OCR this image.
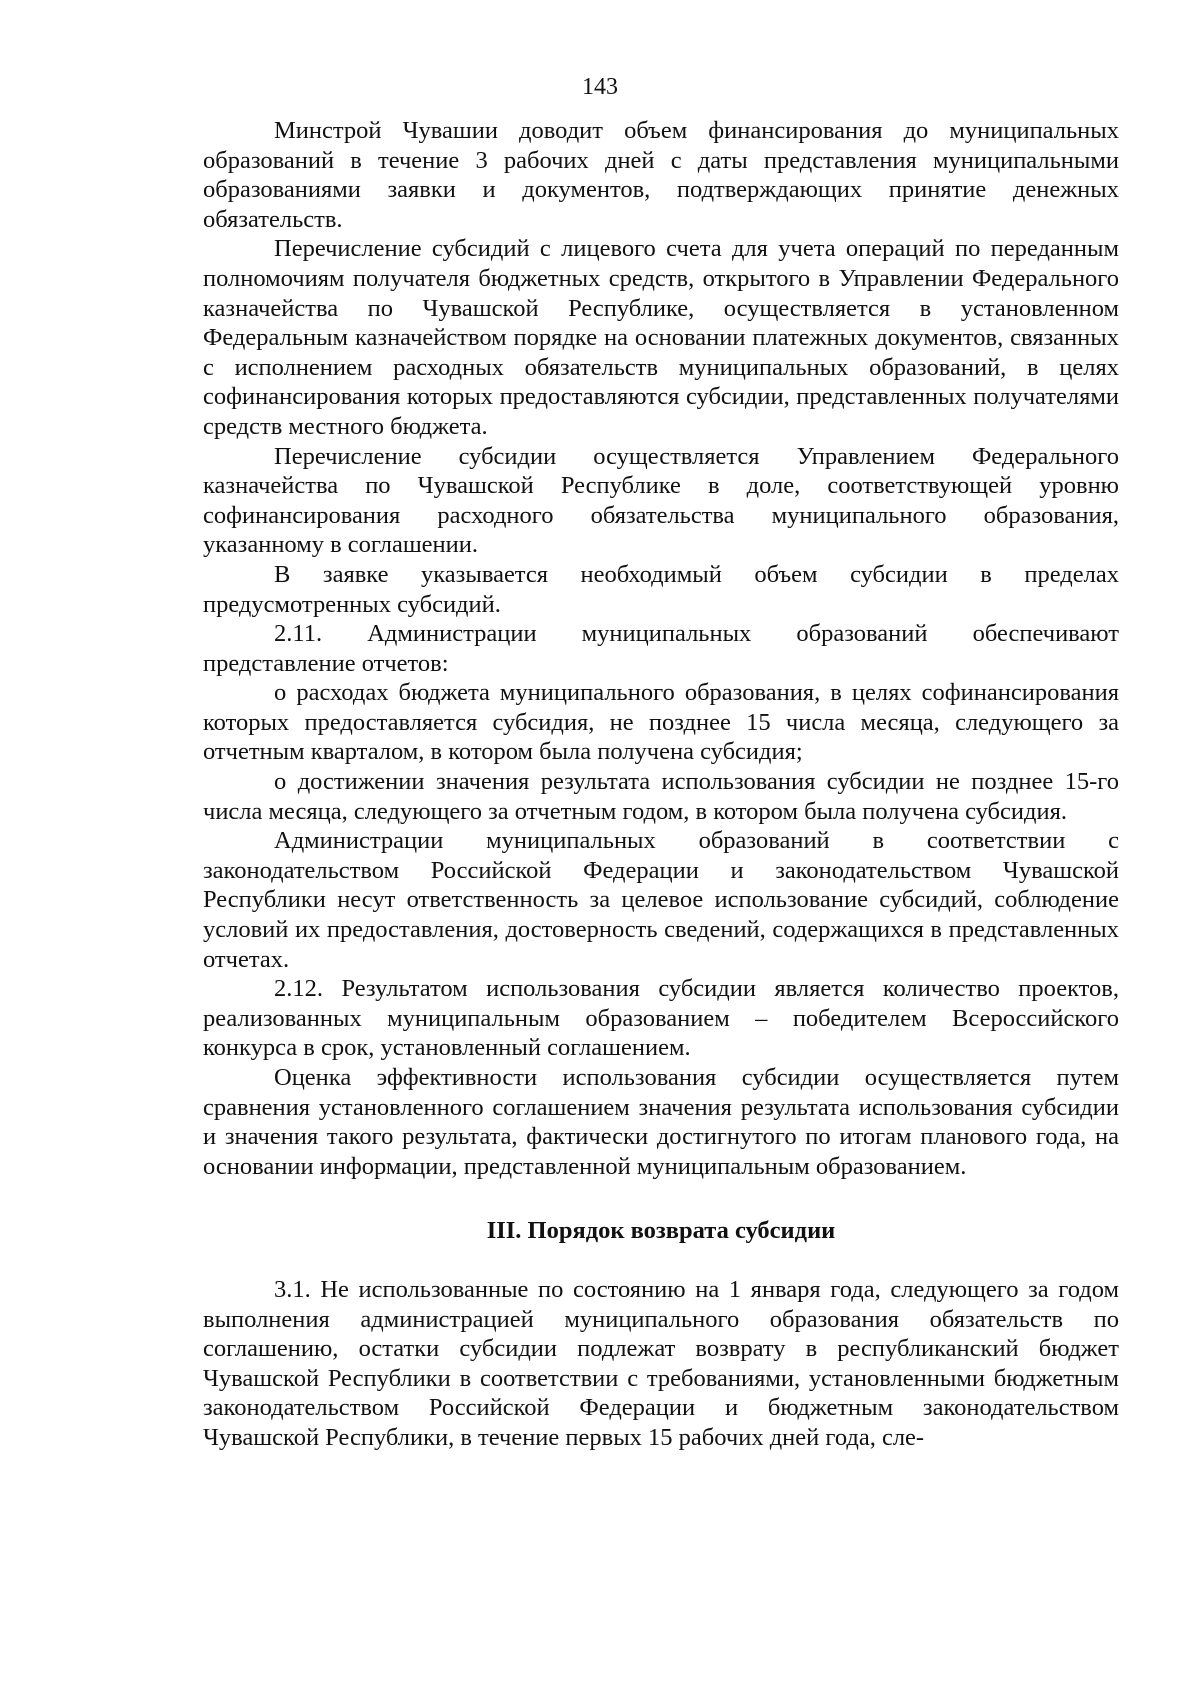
143

Минстрой Чувашии доводит объем финансирования до муниципальных образований в течение 3 рабочих дней с даты представления муниципальными образованиями заявки и документов, подтверждающих принятие денежных обязательств.

Перечисление субсидий с лицевого счета для учета операций по переданным полномочиям получателя бюджетных средств, открытого в Управлении Федерального казначейства по Чувашской Республике, осуществляется в установленном Федеральным казначейством порядке на основании платежных документов, связанных с исполнением расходных обязательств муниципальных образований, в целях софинансирования которых предоставляются субсидии, представленных получателями средств местного бюджета.

Перечисление субсидии осуществляется Управлением Федерального казначейства по Чувашской Республике в доле, соответствующей уровню софинансирования расходного обязательства муниципального образования, указанному в соглашении.

В заявке указывается необходимый объем субсидии в пределах предусмотренных субсидий.

2.11. Администрации муниципальных образований обеспечивают представление отчетов:

о расходах бюджета муниципального образования, в целях софинансирования которых предоставляется субсидия, не позднее 15 числа месяца, следующего за отчетным кварталом, в котором была получена субсидия;

о достижении значения результата использования субсидии не позднее 15-го числа месяца, следующего за отчетным годом, в котором была получена субсидия.

Администрации муниципальных образований в соответствии с законодательством Российской Федерации и законодательством Чувашской Республики несут ответственность за целевое использование субсидий, соблюдение условий их предоставления, достоверность сведений, содержащихся в представленных отчетах.

2.12. Результатом использования субсидии является количество проектов, реализованных муниципальным образованием – победителем Всероссийского конкурса в срок, установленный соглашением.

Оценка эффективности использования субсидии осуществляется путем сравнения установленного соглашением значения результата использования субсидии и значения такого результата, фактически достигнутого по итогам планового года, на основании информации, представленной муниципальным образованием.

III. Порядок возврата субсидии

3.1. Не использованные по состоянию на 1 января года, следующего за годом выполнения администрацией муниципального образования обязательств по соглашению, остатки субсидии подлежат возврату в республиканский бюджет Чувашской Республики в соответствии с требованиями, установленными бюджетным законодательством Российской Федерации и бюджетным законодательством Чувашской Республики, в течение первых 15 рабочих дней года, сле-
